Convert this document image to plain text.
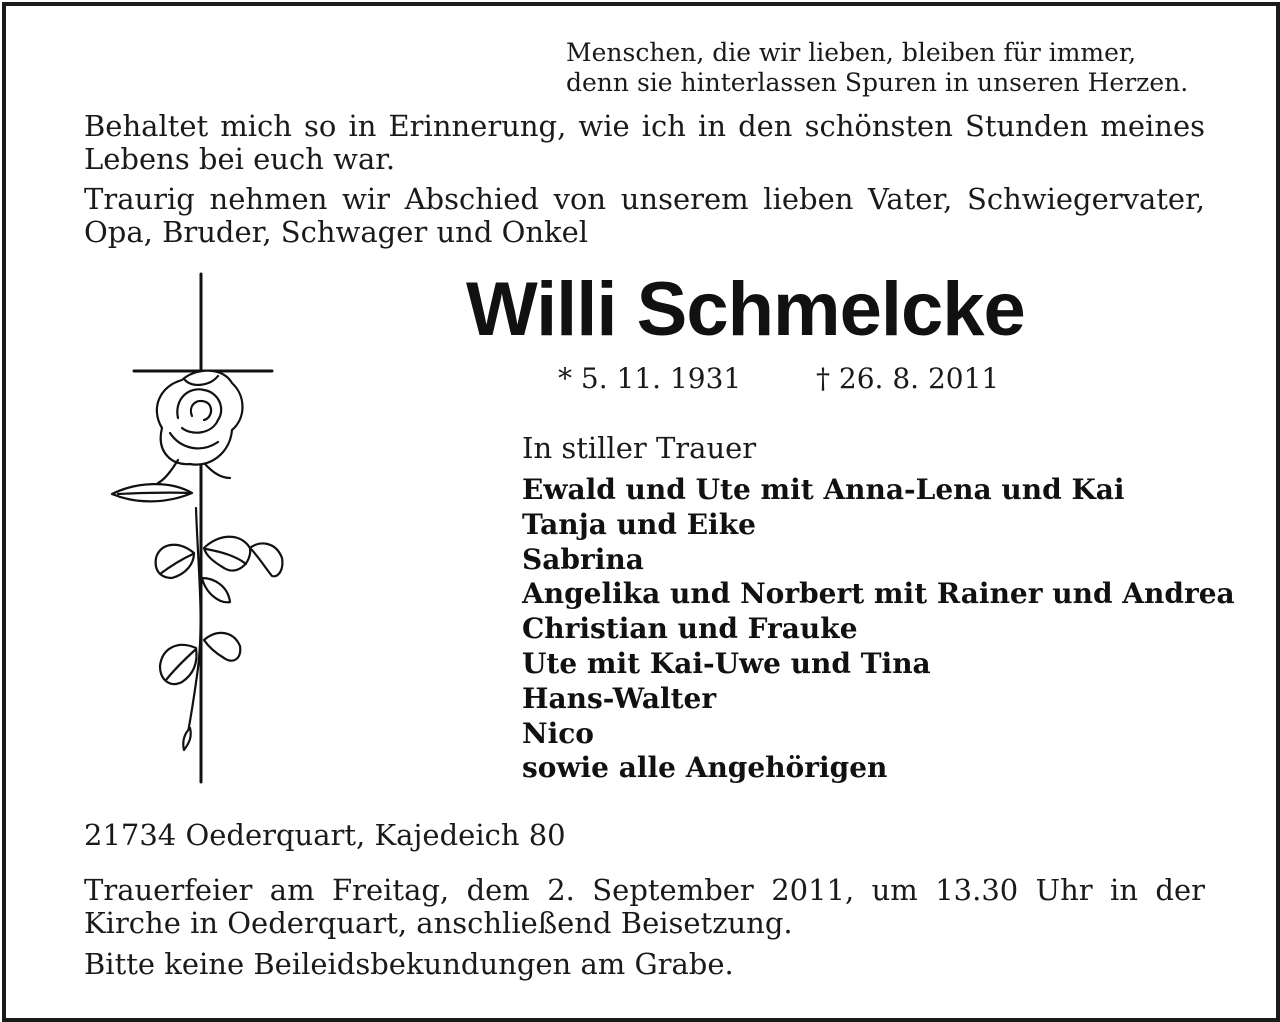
Menschen, die wir lieben, bleiben für immer,
denn sie hinterlassen Spuren in unseren Herzen.
Behaltet mich so in Erinnerung, wie ich in den schönsten Stunden meines Lebens bei euch war.
Traurig nehmen wir Abschied von unserem lieben Vater, Schwiegervater, Opa, Bruder, Schwager und Onkel
Willi Schmelcke
* 5. 11. 1931	† 26. 8. 2011
In stiller Trauer
Ewald und Ute mit Anna-Lena und Kai
Tanja und Eike
Sabrina
Angelika und Norbert mit Rainer und Andrea
Christian und Frauke
Ute mit Kai-Uwe und Tina
Hans-Walter
Nico
sowie alle Angehörigen
21734 Oederquart, Kajedeich 80
Trauerfeier am Freitag, dem 2. September 2011, um 13.30 Uhr in der Kirche in Oederquart, anschließend Beisetzung.
Bitte keine Beileidsbekundungen am Grabe.
